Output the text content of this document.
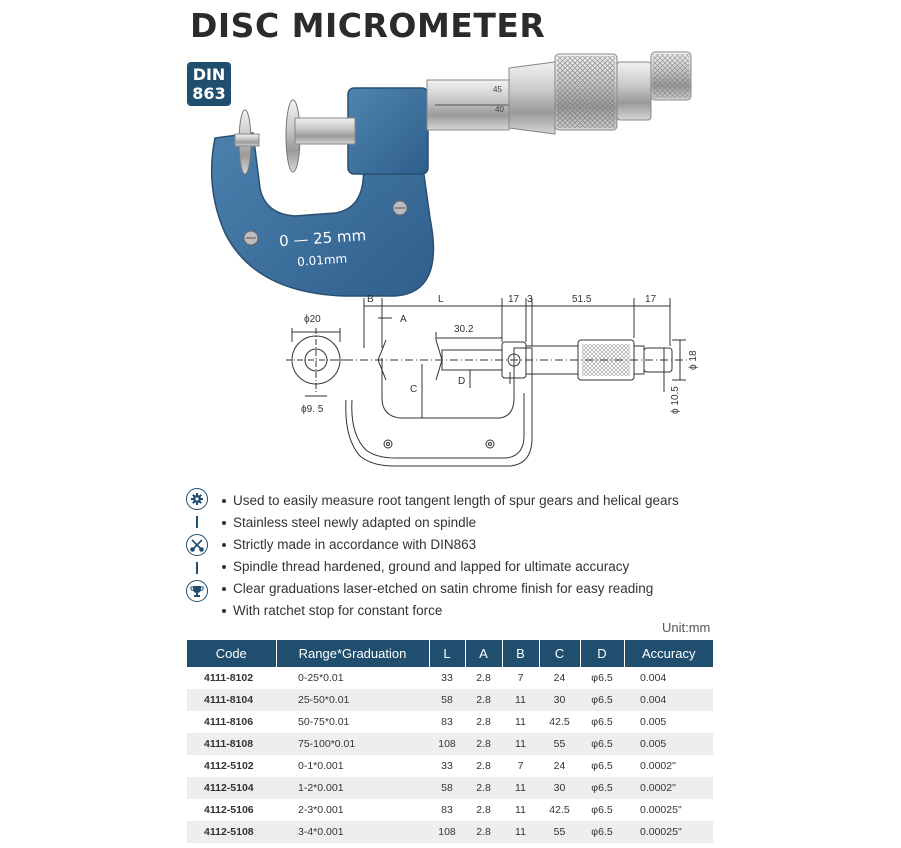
DISC MICROMETER
DIN
863
0 — 25 mm
0.01mm
45
40
B	L	17 3	51.5	17
A
30.2
ϕ20
ϕ9. 5
C
D
ϕ 18
ϕ 10.5
Used to easily measure root tangent length of spur gears and helical gears
Stainless steel newly adapted on spindle
Strictly made in accordance with DIN863
Spindle thread hardened, ground and lapped for ultimate accuracy
Clear graduations laser-etched on satin chrome finish for easy reading
With ratchet stop for constant force
Unit:mm
Code	Range*Graduation	L	A	B	C	D	Accuracy
4111-8102	0-25*0.01	33	2.8	7	24	φ6.5	0.004
4111-8104	25-50*0.01	58	2.8	11	30	φ6.5	0.004
4111-8106	50-75*0.01	83	2.8	11	42.5	φ6.5	0.005
4111-8108	75-100*0.01	108	2.8	11	55	φ6.5	0.005
4112-5102	0-1*0.001	33	2.8	7	24	φ6.5	0.0002"
4112-5104	1-2*0.001	58	2.8	11	30	φ6.5	0.0002"
4112-5106	2-3*0.001	83	2.8	11	42.5	φ6.5	0.00025"
4112-5108	3-4*0.001	108	2.8	11	55	φ6.5	0.00025"
